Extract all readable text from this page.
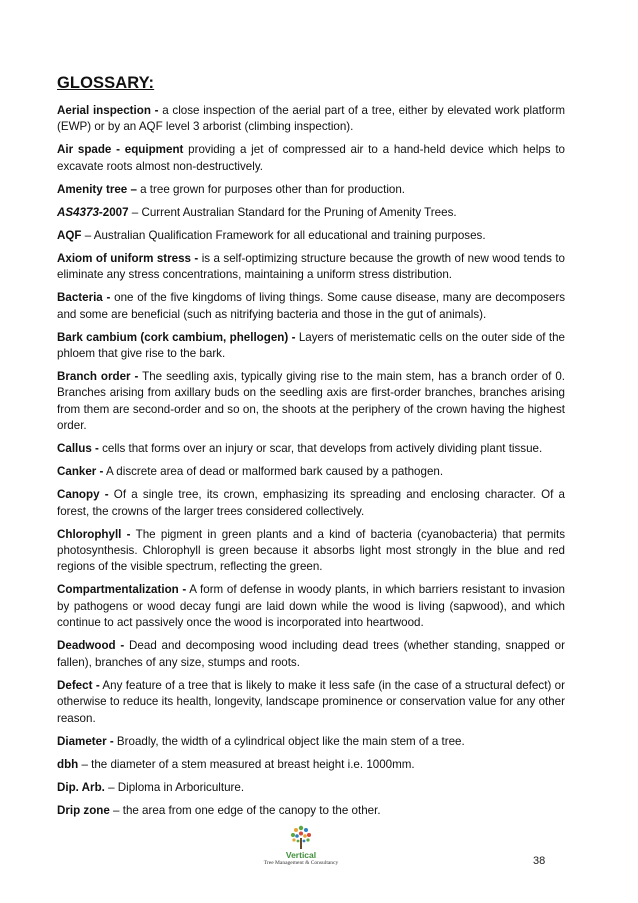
GLOSSARY:

Aerial inspection - a close inspection of the aerial part of a tree, either by elevated work platform (EWP) or by an AQF level 3 arborist (climbing inspection).

Air spade - equipment providing a jet of compressed air to a hand-held device which helps to excavate roots almost non-destructively.

Amenity tree – a tree grown for purposes other than for production.

AS4373-2007 – Current Australian Standard for the Pruning of Amenity Trees.

AQF – Australian Qualification Framework for all educational and training purposes.

Axiom of uniform stress - is a self-optimizing structure because the growth of new wood tends to eliminate any stress concentrations, maintaining a uniform stress distribution.

Bacteria - one of the five kingdoms of living things. Some cause disease, many are decomposers and some are beneficial (such as nitrifying bacteria and those in the gut of animals).

Bark cambium (cork cambium, phellogen) - Layers of meristematic cells on the outer side of the phloem that give rise to the bark.

Branch order - The seedling axis, typically giving rise to the main stem, has a branch order of 0. Branches arising from axillary buds on the seedling axis are first-order branches, branches arising from them are second-order and so on, the shoots at the periphery of the crown having the highest order.

Callus - cells that forms over an injury or scar, that develops from actively dividing plant tissue.

Canker - A discrete area of dead or malformed bark caused by a pathogen.

Canopy - Of a single tree, its crown, emphasizing its spreading and enclosing character. Of a forest, the crowns of the larger trees considered collectively.

Chlorophyll - The pigment in green plants and a kind of bacteria (cyanobacteria) that permits photosynthesis. Chlorophyll is green because it absorbs light most strongly in the blue and red regions of the visible spectrum, reflecting the green.

Compartmentalization - A form of defense in woody plants, in which barriers resistant to invasion by pathogens or wood decay fungi are laid down while the wood is living (sapwood), and which continue to act passively once the wood is incorporated into heartwood.

Deadwood - Dead and decomposing wood including dead trees (whether standing, snapped or fallen), branches of any size, stumps and roots.

Defect - Any feature of a tree that is likely to make it less safe (in the case of a structural defect) or otherwise to reduce its health, longevity, landscape prominence or conservation value for any other reason.

Diameter - Broadly, the width of a cylindrical object like the main stem of a tree.

dbh – the diameter of a stem measured at breast height i.e. 1000mm.

Dip. Arb. – Diploma in Arboriculture.

Drip zone – the area from one edge of the canopy to the other.

Vertical
Tree Management & Consultancy	38
